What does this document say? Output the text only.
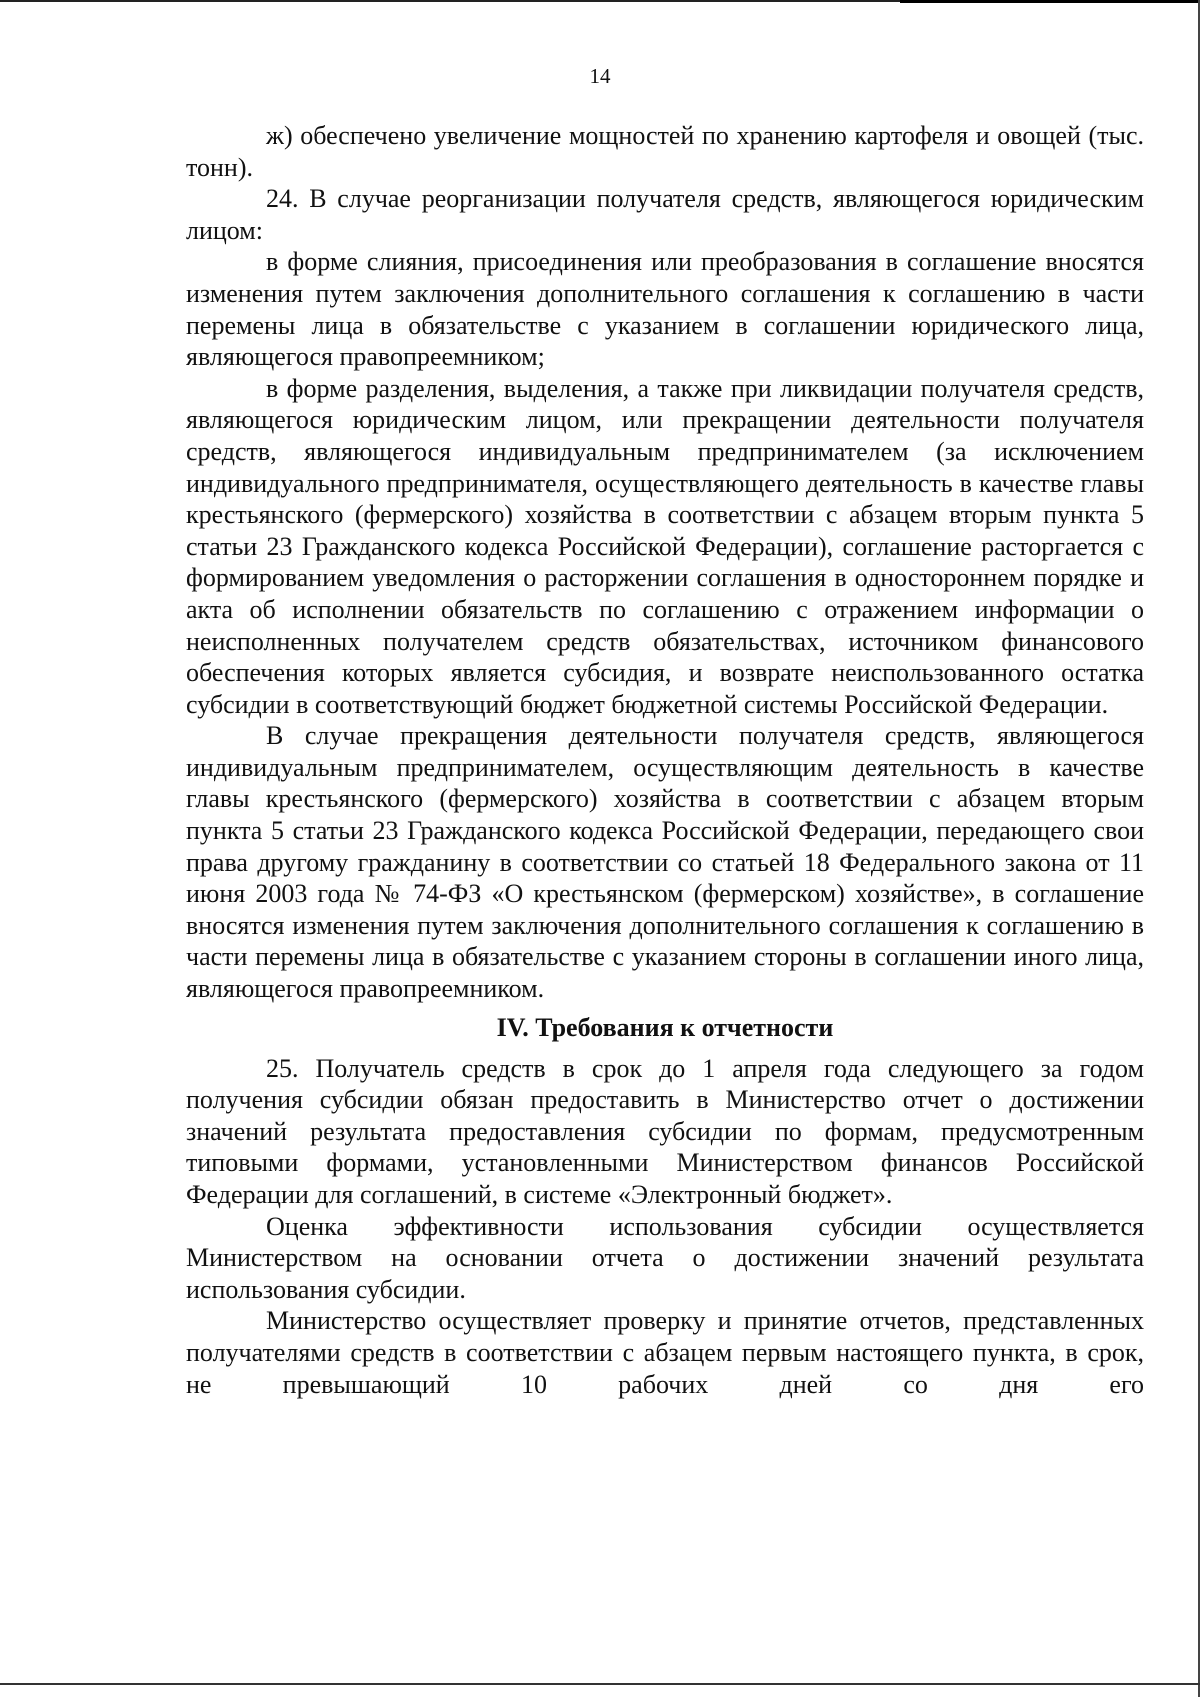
14

ж) обеспечено увеличение мощностей по хранению картофеля и овощей (тыс. тонн).

24. В случае реорганизации получателя средств, являющегося юридическим лицом:

в форме слияния, присоединения или преобразования в соглашение вносятся изменения путем заключения дополнительного соглашения к соглашению в части перемены лица в обязательстве с указанием в соглашении юридического лица, являющегося правопреемником;

в форме разделения, выделения, а также при ликвидации получателя средств, являющегося юридическим лицом, или прекращении деятельности получателя средств, являющегося индивидуальным предпринимателем (за исключением индивидуального предпринимателя, осуществляющего деятельность в качестве главы крестьянского (фермерского) хозяйства в соответствии с абзацем вторым пункта 5 статьи 23 Гражданского кодекса Российской Федерации), соглашение расторгается с формированием уведомления о расторжении соглашения в одностороннем порядке и акта об исполнении обязательств по соглашению с отражением информации о неисполненных получателем средств обязательствах, источником финансового обеспечения которых является субсидия, и возврате неиспользованного остатка субсидии в соответствующий бюджет бюджетной системы Российской Федерации.

В случае прекращения деятельности получателя средств, являющегося индивидуальным предпринимателем, осуществляющим деятельность в качестве главы крестьянского (фермерского) хозяйства в соответствии с абзацем вторым пункта 5 статьи 23 Гражданского кодекса Российской Федерации, передающего свои права другому гражданину в соответствии со статьей 18 Федерального закона от 11 июня 2003 года № 74-ФЗ «О крестьянском (фермерском) хозяйстве», в соглашение вносятся изменения путем заключения дополнительного соглашения к соглашению в части перемены лица в обязательстве с указанием стороны в соглашении иного лица, являющегося правопреемником.

IV. Требования к отчетности

25. Получатель средств в срок до 1 апреля года следующего за годом получения субсидии обязан предоставить в Министерство отчет о достижении значений результата предоставления субсидии по формам, предусмотренным типовыми формами, установленными Министерством финансов Российской Федерации для соглашений, в системе «Электронный бюджет».

Оценка эффективности использования субсидии осуществляется Министерством на основании отчета о достижении значений результата использования субсидии.

Министерство осуществляет проверку и принятие отчетов, представленных получателями средств в соответствии с абзацем первым настоящего пункта, в срок, не превышающий 10 рабочих дней со дня его
